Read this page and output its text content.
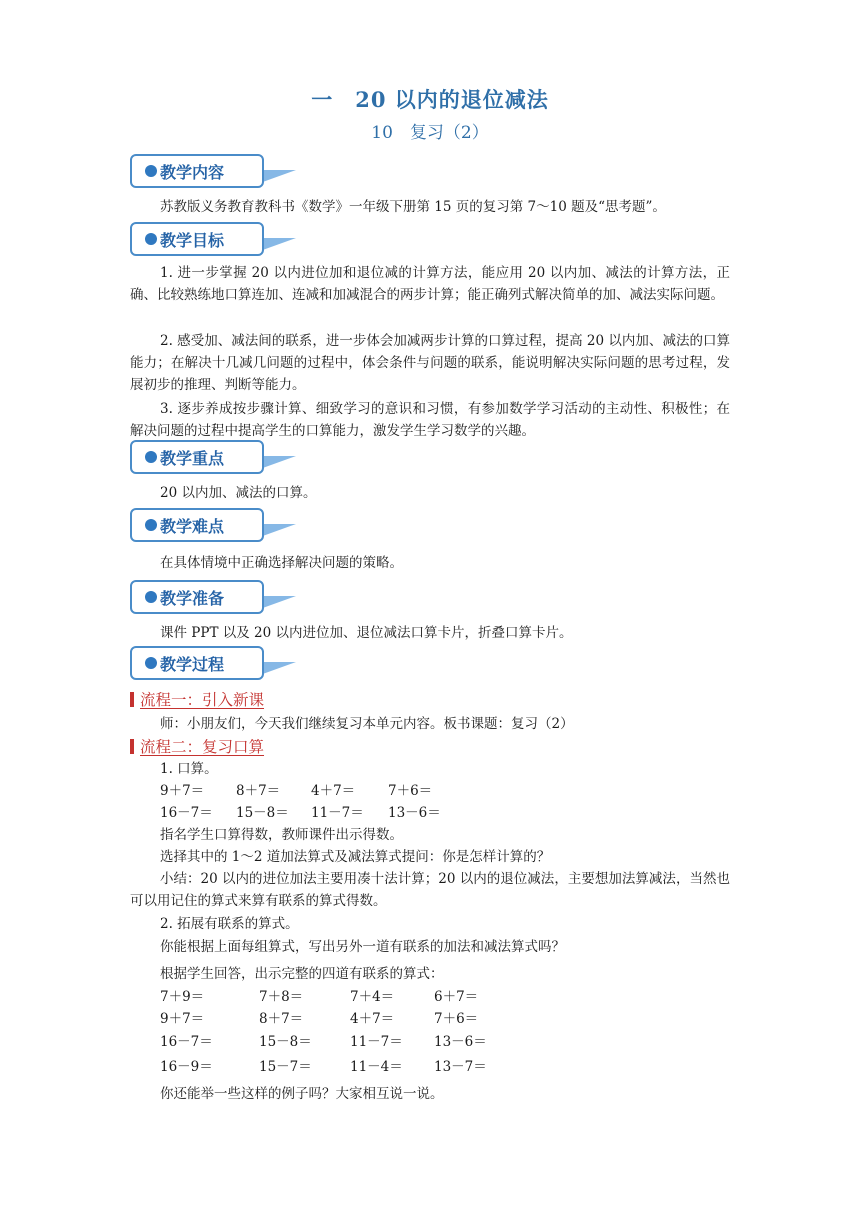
一　20 以内的退位减法
10　复习（2）
教学内容
苏教版义务教育教科书《数学》一年级下册第 15 页的复习第 7～10 题及“思考题”。
教学目标
1. 进一步掌握 20 以内进位加和退位减的计算方法，能应用 20 以内加、减法的计算方法，正确、比较熟练地口算连加、连减和加减混合的两步计算；能正确列式解决简单的加、减法实际问题。
2. 感受加、减法间的联系，进一步体会加减两步计算的口算过程，提高 20 以内加、减法的口算能力；在解决十几减几问题的过程中，体会条件与问题的联系，能说明解决实际问题的思考过程，发展初步的推理、判断等能力。
3. 逐步养成按步骤计算、细致学习的意识和习惯，有参加数学学习活动的主动性、积极性；在解决问题的过程中提高学生的口算能力，激发学生学习数学的兴趣。
教学重点
20 以内加、减法的口算。
教学难点
在具体情境中正确选择解决问题的策略。
教学准备
课件 PPT 以及 20 以内进位加、退位减法口算卡片，折叠口算卡片。
教学过程
流程一：引入新课
师：小朋友们，今天我们继续复习本单元内容。板书课题：复习（2）
流程二：复习口算
1. 口算。
9＋7＝ 8＋7＝ 4＋7＝ 7＋6＝
16－7＝ 15－8＝ 11－7＝ 13－6＝
指名学生口算得数，教师课件出示得数。
选择其中的 1～2 道加法算式及减法算式提问：你是怎样计算的？
小结：20 以内的进位加法主要用凑十法计算；20 以内的退位减法，主要想加法算减法，当然也可以用记住的算式来算有联系的算式得数。
2. 拓展有联系的算式。
你能根据上面每组算式，写出另外一道有联系的加法和减法算式吗？
根据学生回答，出示完整的四道有联系的算式：
7＋9＝	7＋8＝	7＋4＝	6＋7＝
9＋7＝	8＋7＝	4＋7＝	7＋6＝
16－7＝	15－8＝	11－7＝ 13－6＝
16－9＝	15－7＝	11－4＝ 13－7＝
你还能举一些这样的例子吗？大家相互说一说。
